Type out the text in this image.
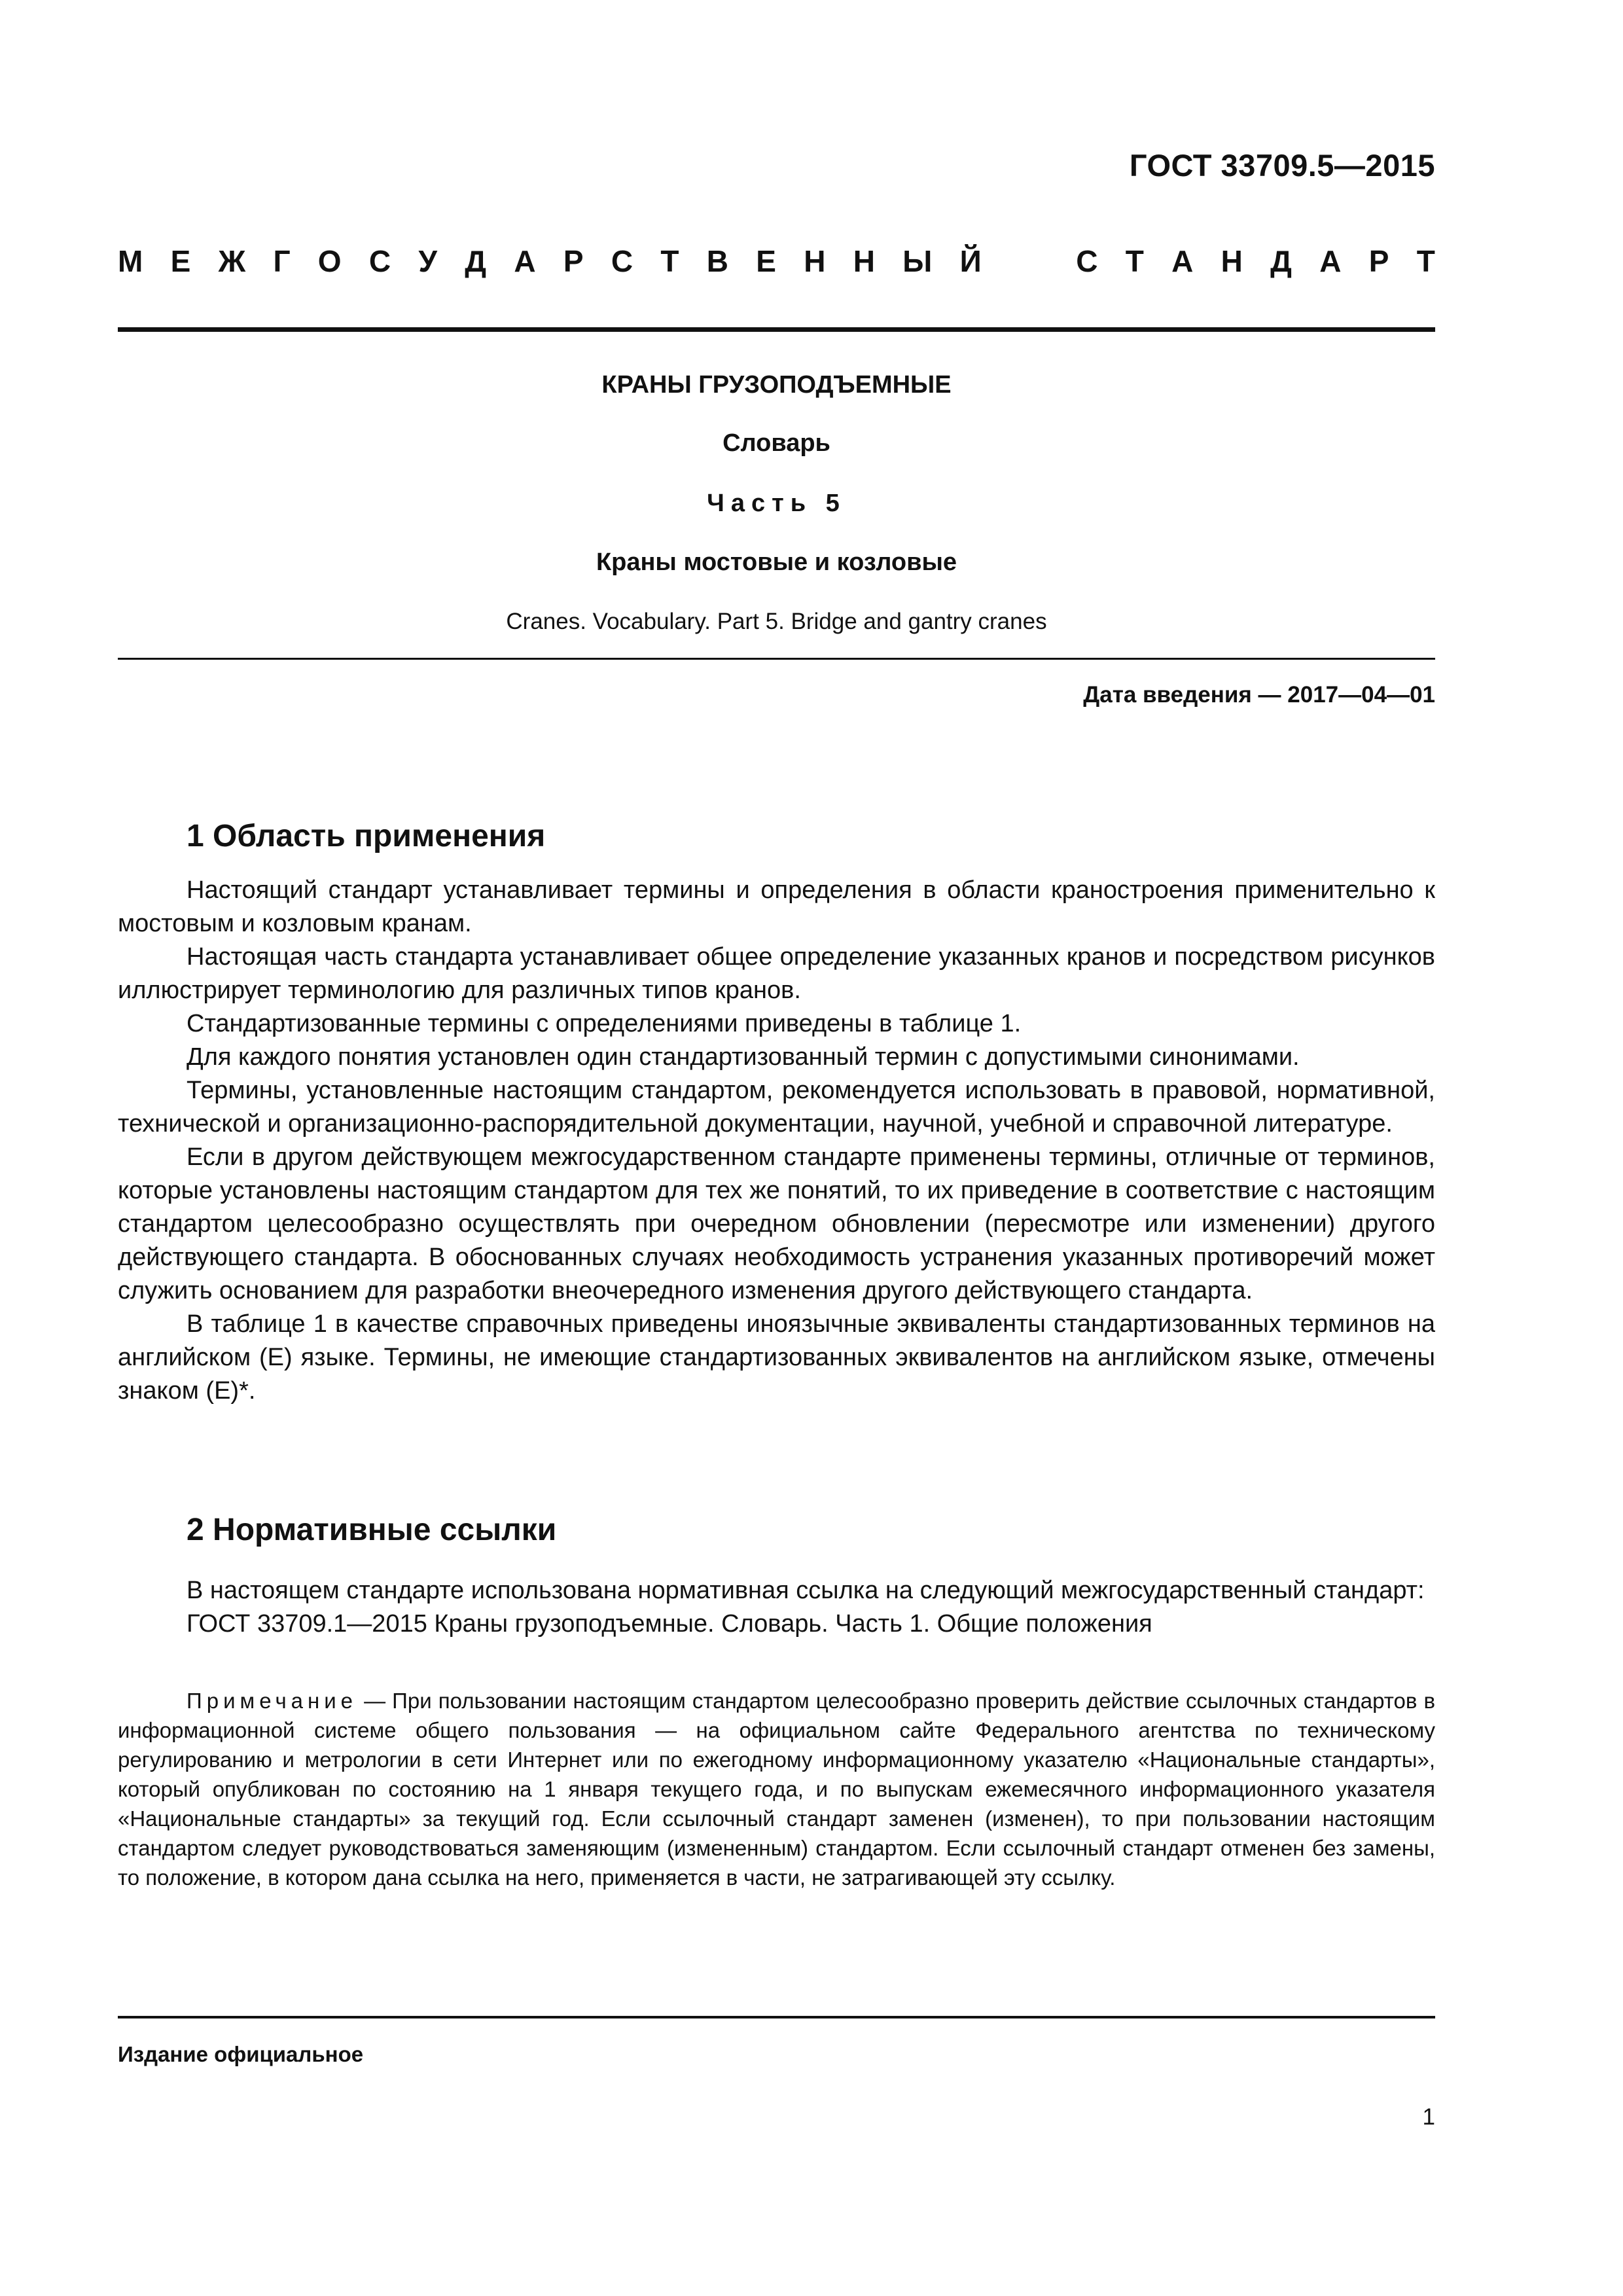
ГОСТ 33709.5—2015
М Е Ж Г О С У Д А Р С Т В Е Н Н Ы Й	С Т А Н Д А Р Т
КРАНЫ ГРУЗОПОДЪЕМНЫЕ
Словарь
Часть 5
Краны мостовые и козловые
Cranes. Vocabulary. Part 5. Bridge and gantry cranes
Дата введения — 2017—04—01
1 Область применения

Настоящий стандарт устанавливает термины и определения в области краностроения применительно к мостовым и козловым кранам.

Настоящая часть стандарта устанавливает общее определение указанных кранов и посредством рисунков иллюстрирует терминологию для различных типов кранов.

Стандартизованные термины с определениями приведены в таблице 1.

Для каждого понятия установлен один стандартизованный термин с допустимыми синонимами.

Термины, установленные настоящим стандартом, рекомендуется использовать в правовой, нормативной, технической и организационно-распорядительной документации, научной, учебной и справочной литературе.

Если в другом действующем межгосударственном стандарте применены термины, отличные от терминов, которые установлены настоящим стандартом для тех же понятий, то их приведение в соответствие с настоящим стандартом целесообразно осуществлять при очередном обновлении (пересмотре или изменении) другого действующего стандарта. В обоснованных случаях необходимость устранения указанных противоречий может служить основанием для разработки внеочередного изменения другого действующего стандарта.

В таблице 1 в качестве справочных приведены иноязычные эквиваленты стандартизованных терминов на английском (Е) языке. Термины, не имеющие стандартизованных эквивалентов на английском языке, отмечены знаком (Е)*.

2 Нормативные ссылки

В настоящем стандарте использована нормативная ссылка на следующий межгосударственный стандарт:

ГОСТ 33709.1—2015 Краны грузоподъемные. Словарь. Часть 1. Общие положения

Примечание — При пользовании настоящим стандартом целесообразно проверить действие ссылочных стандартов в информационной системе общего пользования — на официальном сайте Федерального агентства по техническому регулированию и метрологии в сети Интернет или по ежегодному информационному указателю «Национальные стандарты», который опубликован по состоянию на 1 января текущего года, и по выпускам ежемесячного информационного указателя «Национальные стандарты» за текущий год. Если ссылочный стандарт заменен (изменен), то при пользовании настоящим стандартом следует руководствоваться заменяющим (измененным) стандартом. Если ссылочный стандарт отменен без замены, то положение, в котором дана ссылка на него, применяется в части, не затрагивающей эту ссылку.
Издание официальное
1
